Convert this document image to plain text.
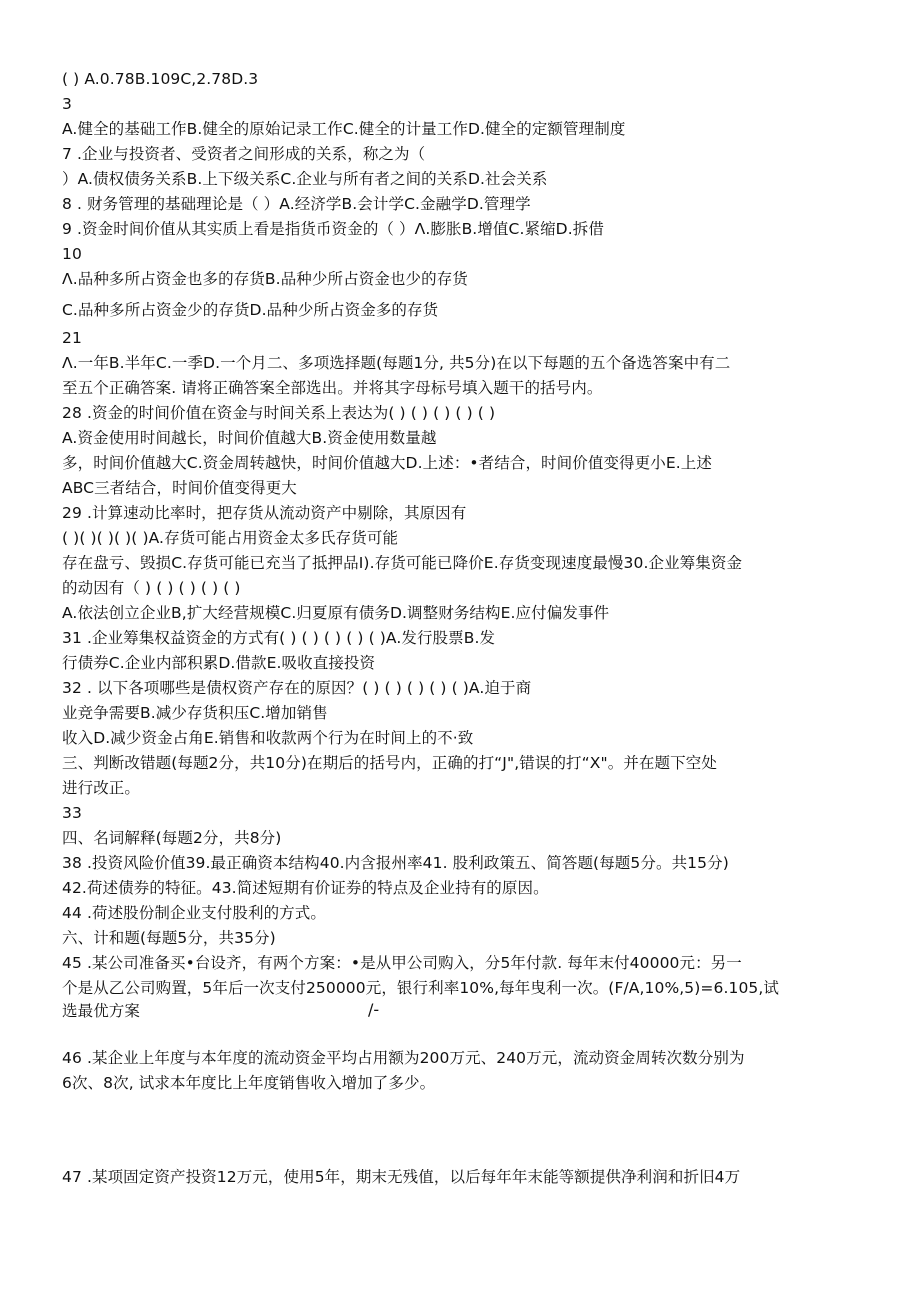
( ) A.0.78B.109C,2.78D.3
3
A.健全的基础工作B.健全的原始记录工作C.健全的计量工作D.健全的定额管理制度
7 .企业与投资者、受资者之间形成的关系，称之为（
）A.债权债务关系B.上下级关系C.企业与所有者之间的关系D.社会关系
8 . 财务管理的基础理论是（ ）A.经济学B.会计学C.金融学D.管理学
9 .资金时间价值从其实质上看是指货币资金的（ ）Λ.膨胀B.增值C.紧缩D.拆借
10
Λ.品种多所占资金也多的存货B.品种少所占资金也少的存货
C.品种多所占资金少的存货D.品种少所占资金多的存货
21
Λ.一年B.半年C.一季D.一个月二、多项选择题(每题1分, 共5分)在以下每题的五个备选答案中有二
至五个正确答案. 请将正确答案全部选出。并将其字母标号填入题干的括号内。
28 .资金的时间价值在资金与时间关系上表达为( ) ( ) ( ) ( ) ( )
A.资金使用时间越长，时间价值越大B.资金使用数量越
多，时间价值越大C.资金周转越快，时间价值越大D.上述：•者结合，时间价值变得更小E.上述
ABC三者结合，时间价值变得更大
29 .计算速动比率时，把存货从流动资产中剔除，其原因有
( )( )( )( )( )A.存货可能占用资金太多氏存货可能
存在盘亏、毁损C.存货可能已充当了抵押品I).存货可能已降价E.存货变现速度最慢30.企业筹集资金
的动因有（ ) ( ) ( ) ( ) ( )
A.依法创立企业B,扩大经营规模C.归夏原有债务D.调整财务结构E.应付偏发事件
31 .企业筹集权益资金的方式有( ) ( ) ( ) ( ) ( )A.发行股票B.发
行债券C.企业内部积累D.借款E.吸收直接投资
32 . 以下各项哪些是债权资产存在的原因？( ) ( ) ( ) ( ) ( )A.迫于商
业竞争需要B.减少存货积压C.增加销售
收入D.减少资金占角E.销售和收款两个行为在时间上的不·致
三、判断改错题(每题2分，共10分)在期后的括号内，正确的打“J",错误的打“X"。并在题下空处
进行改正。
33
四、名词解释(每题2分，共8分)
38 .投资风险价值39.最正确资本结构40.内含报州率41. 股利政策五、简答题(每题5分。共15分)
42.荷述债券的特征。43.简述短期有价证券的特点及企业持有的原因。
44 .荷述股份制企业支付股利的方式。
六、计和题(每题5分，共35分)
45 .某公司准备买•台设齐，有两个方案：•是从甲公司购入，分5年付款. 每年末付40000元：另一
个是从乙公司购置，5年后一次支付250000元，银行利率10%,每年曳利一次。(F/A,10%,5)=6.105,试
选最优方案	/-
46 .某企业上年度与本年度的流动资金平均占用额为200万元、240万元，流动资金周转次数分别为
6次、8次, 试求本年度比上年度销售收入增加了多少。
47 .某项固定资产投资12万元，使用5年，期末无残值，以后每年年末能等额提供净利润和折旧4万
